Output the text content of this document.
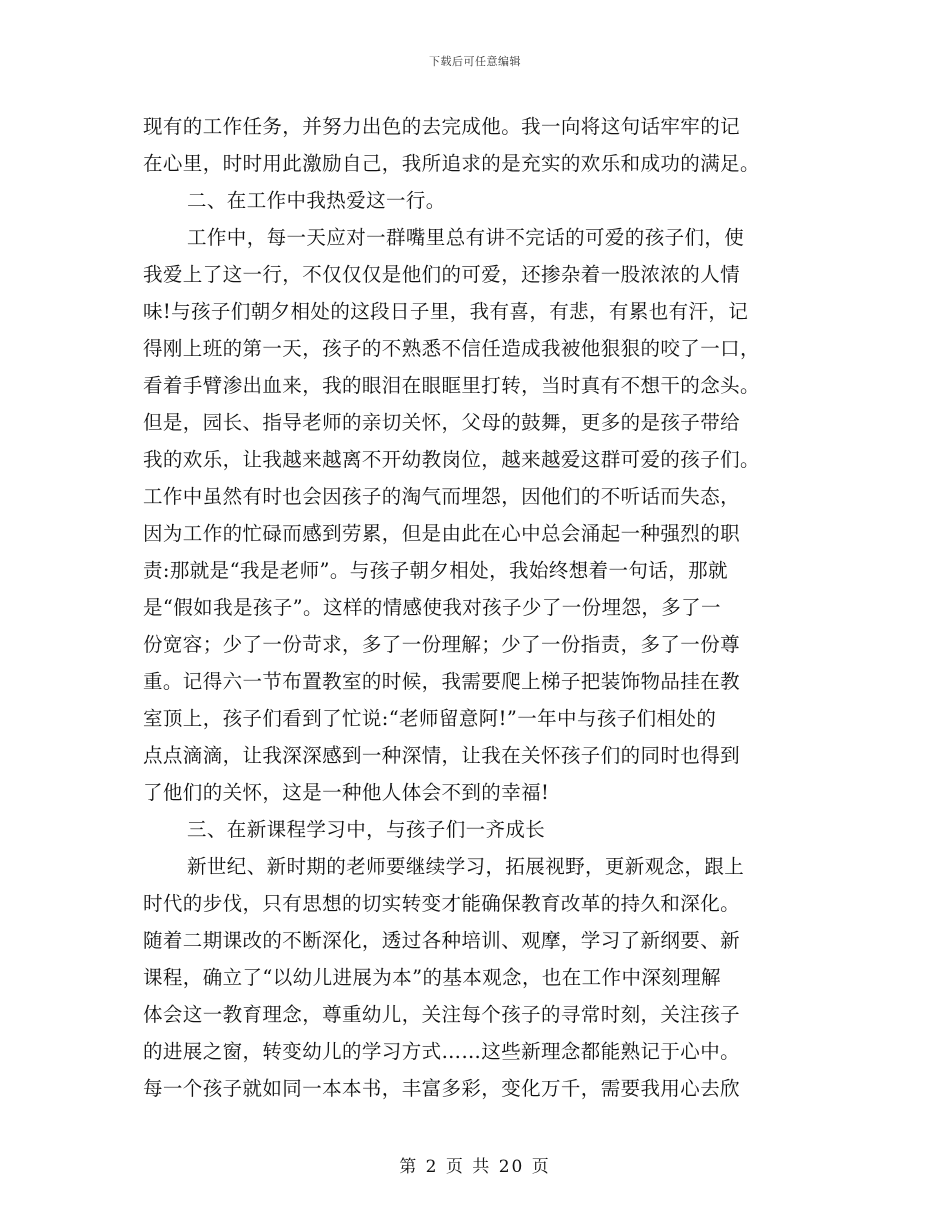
下载后可任意编辑
现有的工作任务，并努力出色的去完成他。我一向将这句话牢牢的记
在心里，时时用此激励自己，我所追求的是充实的欢乐和成功的满足。
二、在工作中我热爱这一行。
工作中，每一天应对一群嘴里总有讲不完话的可爱的孩子们，使
我爱上了这一行，不仅仅仅是他们的可爱，还掺杂着一股浓浓的人情
味!与孩子们朝夕相处的这段日子里，我有喜，有悲，有累也有汗，记
得刚上班的第一天，孩子的不熟悉不信任造成我被他狠狠的咬了一口，
看着手臂渗出血来，我的眼泪在眼眶里打转，当时真有不想干的念头。
但是，园长、指导老师的亲切关怀，父母的鼓舞，更多的是孩子带给
我的欢乐，让我越来越离不开幼教岗位，越来越爱这群可爱的孩子们。
工作中虽然有时也会因孩子的淘气而埋怨，因他们的不听话而失态，
因为工作的忙碌而感到劳累，但是由此在心中总会涌起一种强烈的职
责:那就是“我是老师”。与孩子朝夕相处，我始终想着一句话，那就
是“假如我是孩子”。这样的情感使我对孩子少了一份埋怨，多了一
份宽容；少了一份苛求，多了一份理解；少了一份指责，多了一份尊
重。记得六一节布置教室的时候，我需要爬上梯子把装饰物品挂在教
室顶上，孩子们看到了忙说:“老师留意阿!”一年中与孩子们相处的
点点滴滴，让我深深感到一种深情，让我在关怀孩子们的同时也得到
了他们的关怀，这是一种他人体会不到的幸福!
三、在新课程学习中，与孩子们一齐成长
新世纪、新时期的老师要继续学习，拓展视野，更新观念，跟上
时代的步伐，只有思想的切实转变才能确保教育改革的持久和深化。
随着二期课改的不断深化，透过各种培训、观摩，学习了新纲要、新
课程，确立了“以幼儿进展为本”的基本观念，也在工作中深刻理解
体会这一教育理念，尊重幼儿，关注每个孩子的寻常时刻，关注孩子
的进展之窗，转变幼儿的学习方式……这些新理念都能熟记于心中。
每一个孩子就如同一本本书，丰富多彩，变化万千，需要我用心去欣
第 2 页 共 20 页
